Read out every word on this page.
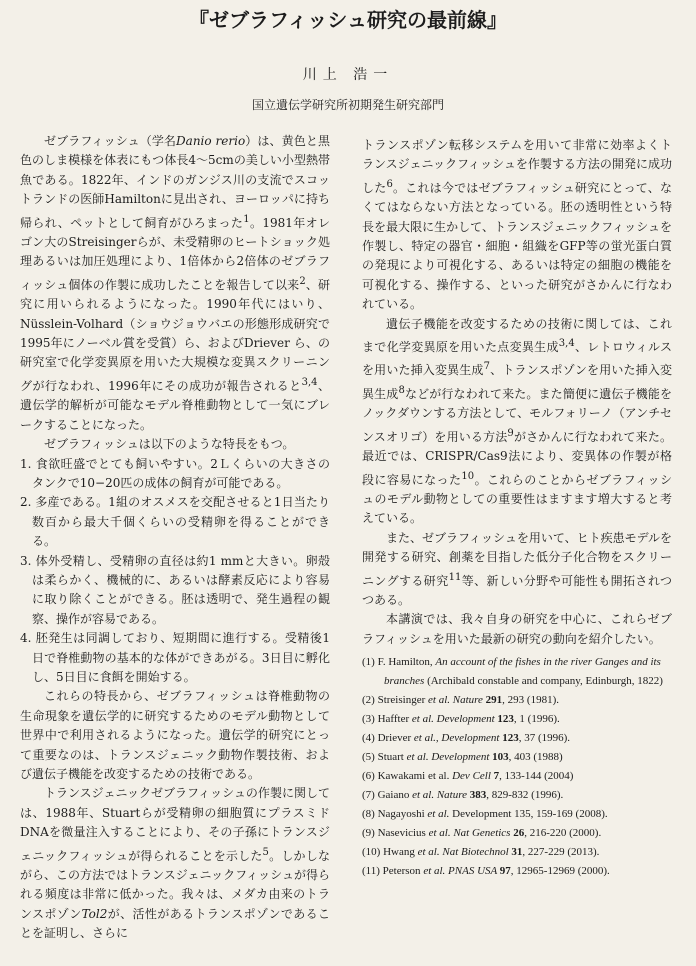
『ゼブラフィッシュ研究の最前線』
川上 浩一
国立遺伝学研究所初期発生研究部門

ゼブラフィッシュ（学名Danio rerio）は、黄色と黒色のしま模様を体表にもつ体長4〜5cmの美しい小型熱帯魚である。1822年、インドのガンジス川の支流でスコットランドの医師Hamiltonに見出され、ヨーロッパに持ち帰られ、ペットとして飼育がひろまった$^1$。1981年オレゴン大のStreisingerらが、未受精卵のヒートショック処理あるいは加圧処理により、1倍体から2倍体のゼブラフィッシュ個体の作製に成功したことを報告して以来$^2$、研究に用いられるようになった。1990年代にはいり、Nüsslein-Volhard（ショウジョウバエの形態形成研究で1995年にノーベル賞を受賞）ら、およびDriever ら、の研究室で化学変異原を用いた大規模な変異スクリーニングが行なわれ、1996年にその成功が報告されると$^{3,4}$、遺伝学的解析が可能なモデル脊椎動物として一気にブレークすることになった。

ゼブラフィッシュは以下のような特長をもつ。

1. 食欲旺盛でとても飼いやすい。2Ｌくらいの大きさのタンクで10−20匹の成体の飼育が可能である。

2. 多産である。1組のオスメスを交配させると1日当たり数百から最大千個くらいの受精卵を得ることができる。

3. 体外受精し、受精卵の直径は約1 mmと大きい。卵殻は柔らかく、機械的に、あるいは酵素反応により容易に取り除くことができる。胚は透明で、発生過程の観察、操作が容易である。

4. 胚発生は同調しており、短期間に進行する。受精後1日で脊椎動物の基本的な体ができあがる。3日目に孵化し、5日目に食餌を開始する。

これらの特長から、ゼブラフィッシュは脊椎動物の生命現象を遺伝学的に研究するためのモデル動物として世界中で利用されるようになった。遺伝学的研究にとって重要なのは、トランスジェニック動物作製技術、および遺伝子機能を改変するための技術である。

トランスジェニックゼブラフィッシュの作製に関しては、1988年、Stuartらが受精卵の細胞質にプラスミドDNAを微量注入することにより、その子孫にトランスジェニックフィッシュが得られることを示した$^5$。しかしながら、この方法ではトランスジェニックフィッシュが得られる頻度は非常に低かった。我々は、メダカ由来のトランスポゾンTol2が、活性があるトランスポゾンであることを証明し、さらに

トランスポゾン転移システムを用いて非常に効率よくトランスジェニックフィッシュを作製する方法の開発に成功した$^6$。これは今ではゼブラフィッシュ研究にとって、なくてはならない方法となっている。胚の透明性という特長を最大限に生かして、トランスジェニックフィッシュを作製し、特定の器官・細胞・組織をGFP等の蛍光蛋白質の発現により可視化する、あるいは特定の細胞の機能を可視化する、操作する、といった研究がさかんに行なわれている。

遺伝子機能を改変するための技術に関しては、これまで化学変異原を用いた点変異生成$^{3,4}$、レトロウィルスを用いた挿入変異生成$^7$、トランスポゾンを用いた挿入変異生成$^8$などが行なわれて来た。また簡便に遺伝子機能をノックダウンする方法として、モルフォリーノ（アンチセンスオリゴ）を用いる方法$^9$がさかんに行なわれて来た。最近では、CRISPR/Cas9法により、変異体の作製が格段に容易になった$^{10}$。これらのことからゼブラフィッシュのモデル動物としての重要性はますます増大すると考えている。

また、ゼブラフィッシュを用いて、ヒト疾患モデルを開発する研究、創薬を目指した低分子化合物をスクリーニングする研究$^{11}$等、新しい分野や可能性も開拓されつつある。

本講演では、我々自身の研究を中心に、これらゼブラフィッシュを用いた最新の研究の動向を紹介したい。

(1) F. Hamilton, An account of the fishes in the river Ganges and its branches (Archibald constable and company, Edinburgh, 1822)
(2) Streisinger et al. Nature 291, 293 (1981).
(3) Haffter et al. Development 123, 1 (1996).
(4) Driever et al., Development 123, 37 (1996).
(5) Stuart et al. Development 103, 403 (1988)
(6) Kawakami et al. Dev Cell 7, 133-144 (2004)
(7) Gaiano et al. Nature 383, 829-832 (1996).
(8) Nagayoshi et al. Development 135, 159-169 (2008).
(9) Nasevicius et al. Nat Genetics 26, 216-220 (2000).
(10) Hwang et al. Nat Biotechnol 31, 227-229 (2013).
(11) Peterson et al. PNAS USA 97, 12965-12969 (2000).
